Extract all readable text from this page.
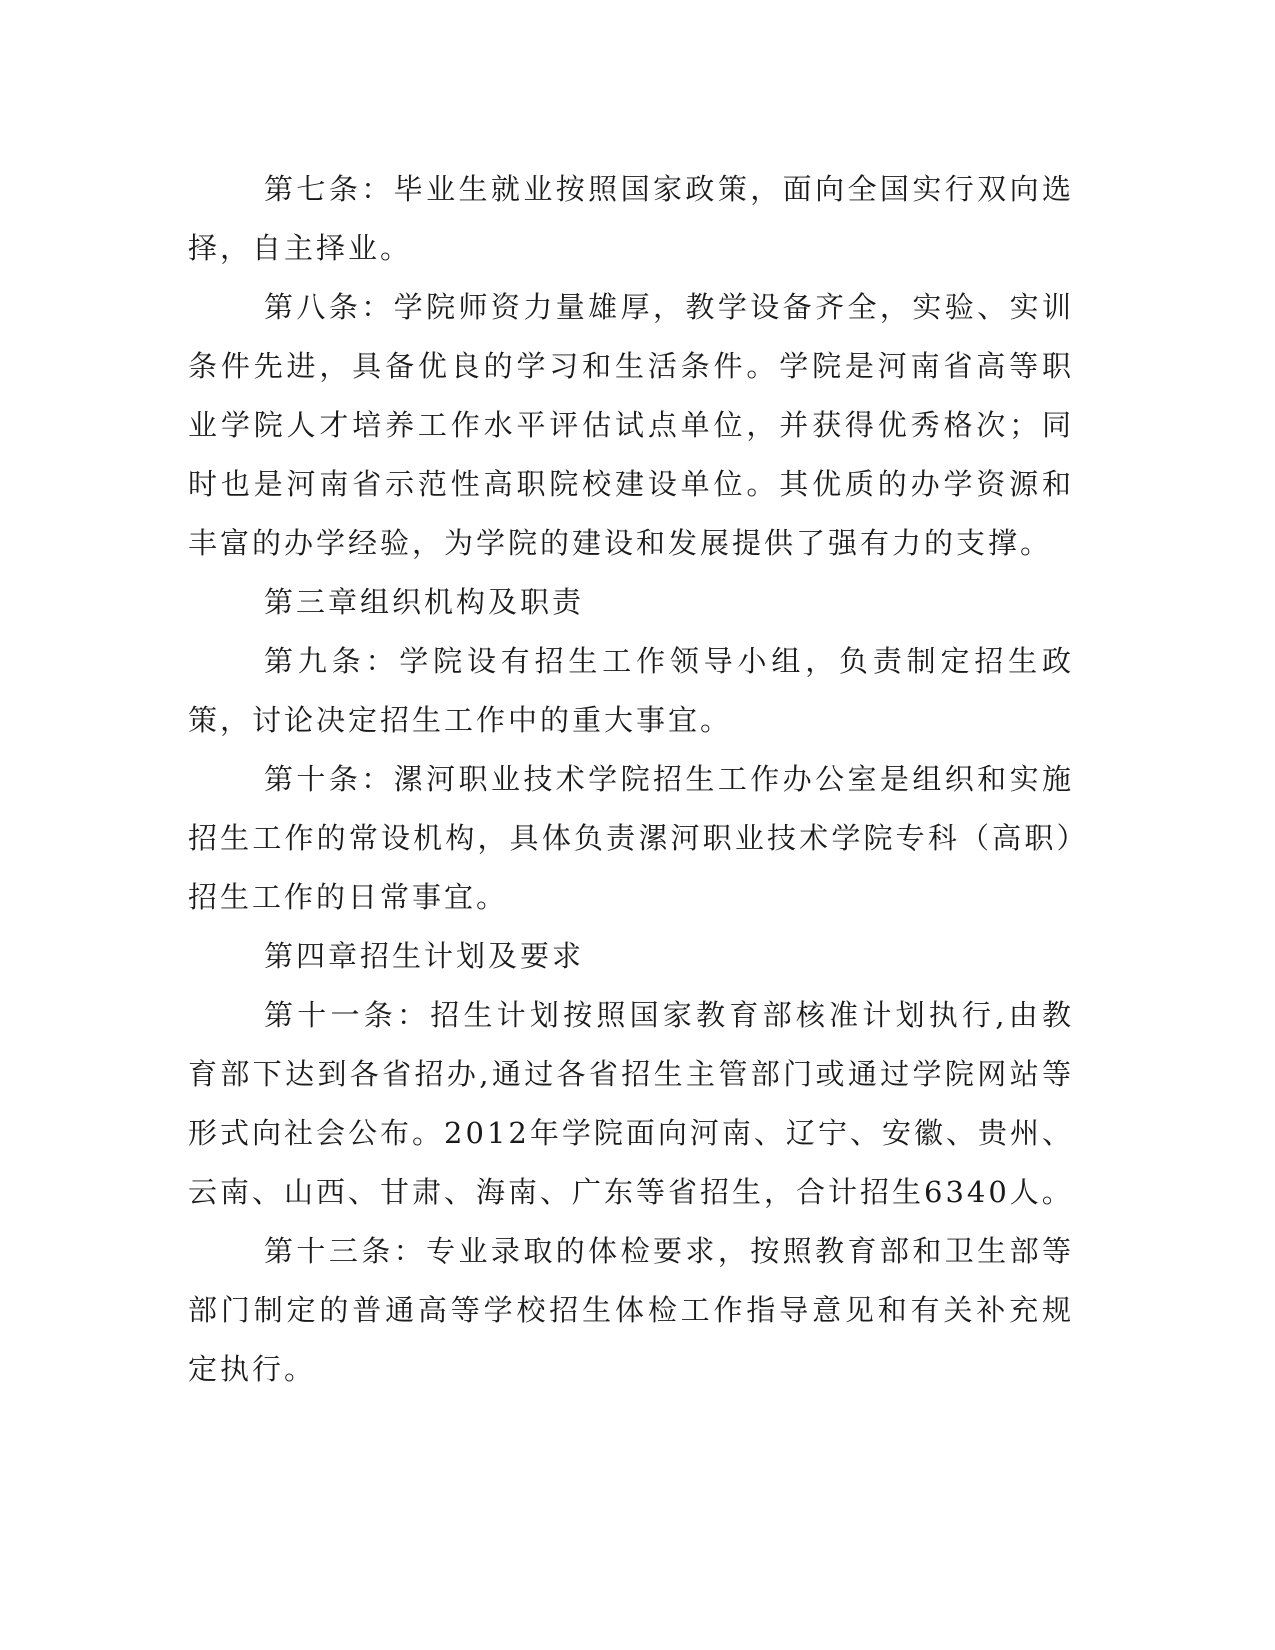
第七条：毕业生就业按照国家政策，面向全国实行双向选择，自主择业。

第八条：学院师资力量雄厚，教学设备齐全，实验、实训条件先进，具备优良的学习和生活条件。学院是河南省高等职业学院人才培养工作水平评估试点单位，并获得优秀格次；同时也是河南省示范性高职院校建设单位。其优质的办学资源和丰富的办学经验，为学院的建设和发展提供了强有力的支撑。

第三章组织机构及职责

第九条：学院设有招生工作领导小组，负责制定招生政策，讨论决定招生工作中的重大事宜。

第十条：漯河职业技术学院招生工作办公室是组织和实施招生工作的常设机构，具体负责漯河职业技术学院专科（高职）招生工作的日常事宜。

第四章招生计划及要求

第十一条：招生计划按照国家教育部核准计划执行,由教育部下达到各省招办,通过各省招生主管部门或通过学院网站等形式向社会公布。2012年学院面向河南、辽宁、安徽、贵州、云南、山西、甘肃、海南、广东等省招生，合计招生6340人。

第十三条：专业录取的体检要求，按照教育部和卫生部等部门制定的普通高等学校招生体检工作指导意见和有关补充规定执行。
